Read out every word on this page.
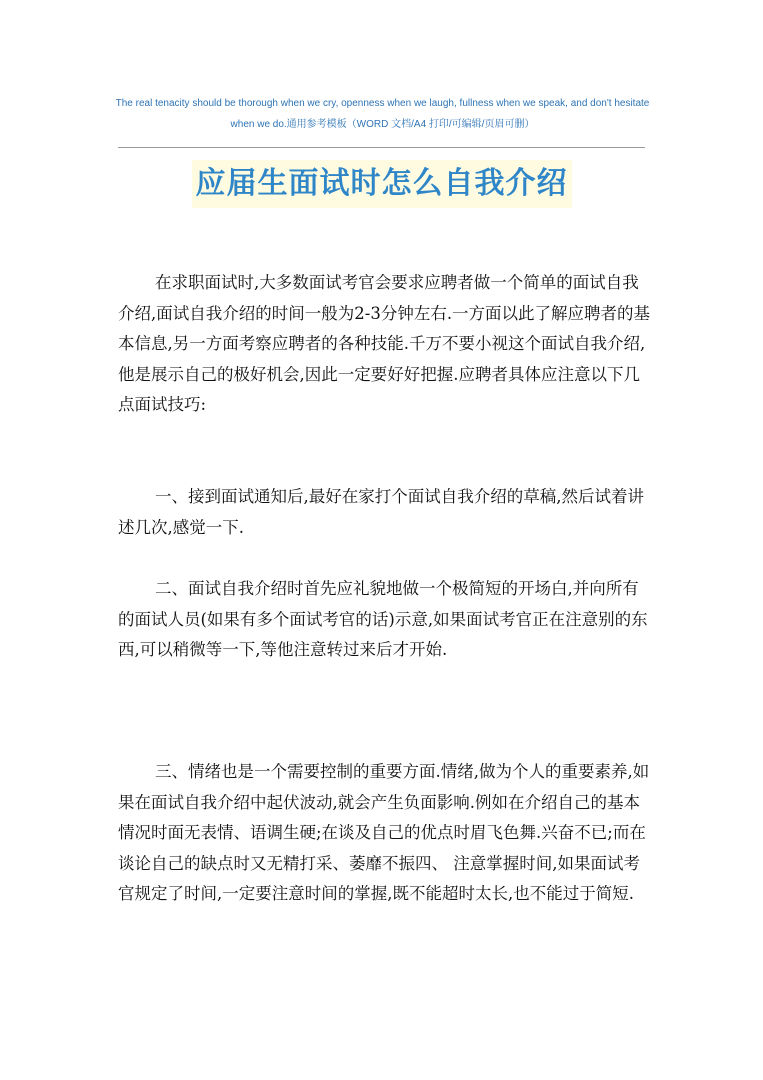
The real tenacity should be thorough when we cry, openness when we laugh, fullness when we speak, and don't hesitate when we do.通用参考模板（WORD 文档/A4 打印/可编辑/页眉可删）
应届生面试时怎么自我介绍

在求职面试时,大多数面试考官会要求应聘者做一个简单的面试自我介绍,面试自我介绍的时间一般为2-3分钟左右.一方面以此了解应聘者的基本信息,另一方面考察应聘者的各种技能.千万不要小视这个面试自我介绍,他是展示自己的极好机会,因此一定要好好把握.应聘者具体应注意以下几点面试技巧:

一、接到面试通知后,最好在家打个面试自我介绍的草稿,然后试着讲述几次,感觉一下.

二、面试自我介绍时首先应礼貌地做一个极简短的开场白,并向所有的面试人员(如果有多个面试考官的话)示意,如果面试考官正在注意别的东西,可以稍微等一下,等他注意转过来后才开始.

三、情绪也是一个需要控制的重要方面.情绪,做为个人的重要素养,如果在面试自我介绍中起伏波动,就会产生负面影响.例如在介绍自己的基本情况时面无表情、语调生硬;在谈及自己的优点时眉飞色舞.兴奋不已;而在谈论自己的缺点时又无精打采、萎靡不振四、 注意掌握时间,如果面试考官规定了时间,一定要注意时间的掌握,既不能超时太长,也不能过于简短.
